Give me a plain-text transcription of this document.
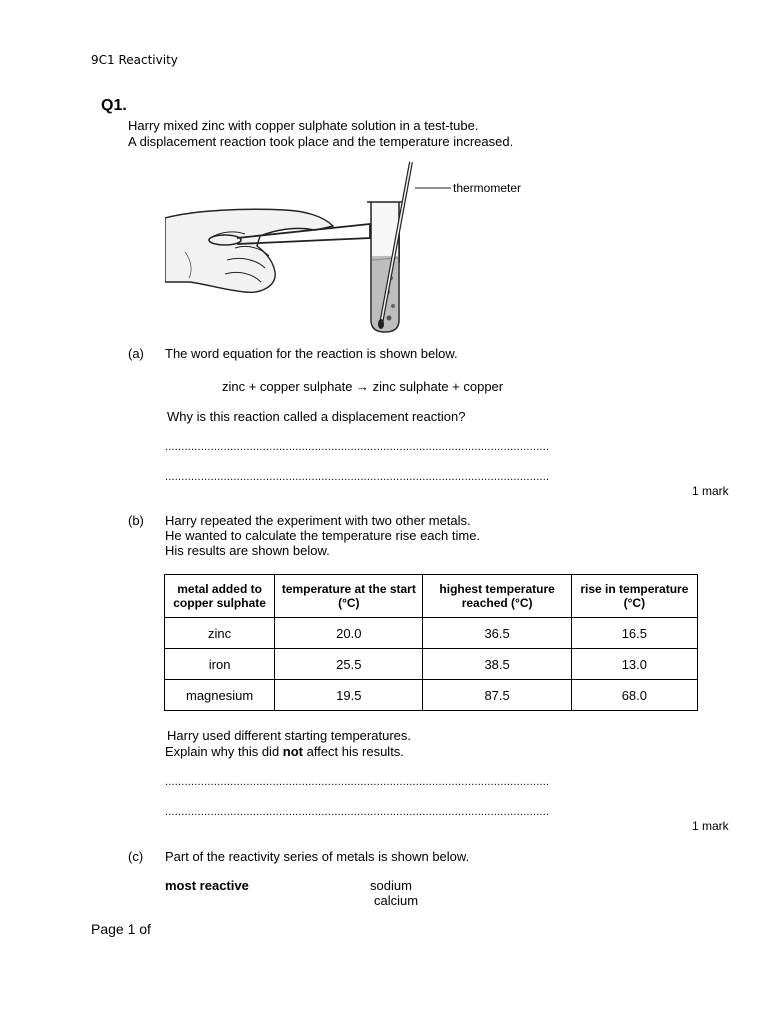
9C1 Reactivity
Q1.
Harry mixed zinc with copper sulphate solution in a test-tube.
A displacement reaction took place and the temperature increased.
thermometer
(a) The word equation for the reaction is shown below.
zinc + copper sulphate → zinc sulphate + copper
Why is this reaction called a displacement reaction?
......................................................................................................................
......................................................................................................................
1 mark
(b) Harry repeated the experiment with two other metals.
He wanted to calculate the temperature rise each time.
His results are shown below.
metal added to copper sulphate	temperature at the start (°C)	highest temperature reached (°C)	rise in temperature (°C)
zinc	20.0	36.5	16.5
iron	25.5	38.5	13.0
magnesium	19.5	87.5	68.0
Harry used different starting temperatures.
Explain why this did not affect his results.
......................................................................................................................
......................................................................................................................
1 mark
(c) Part of the reactivity series of metals is shown below.
most reactive	sodium
calcium
Page 1 of
